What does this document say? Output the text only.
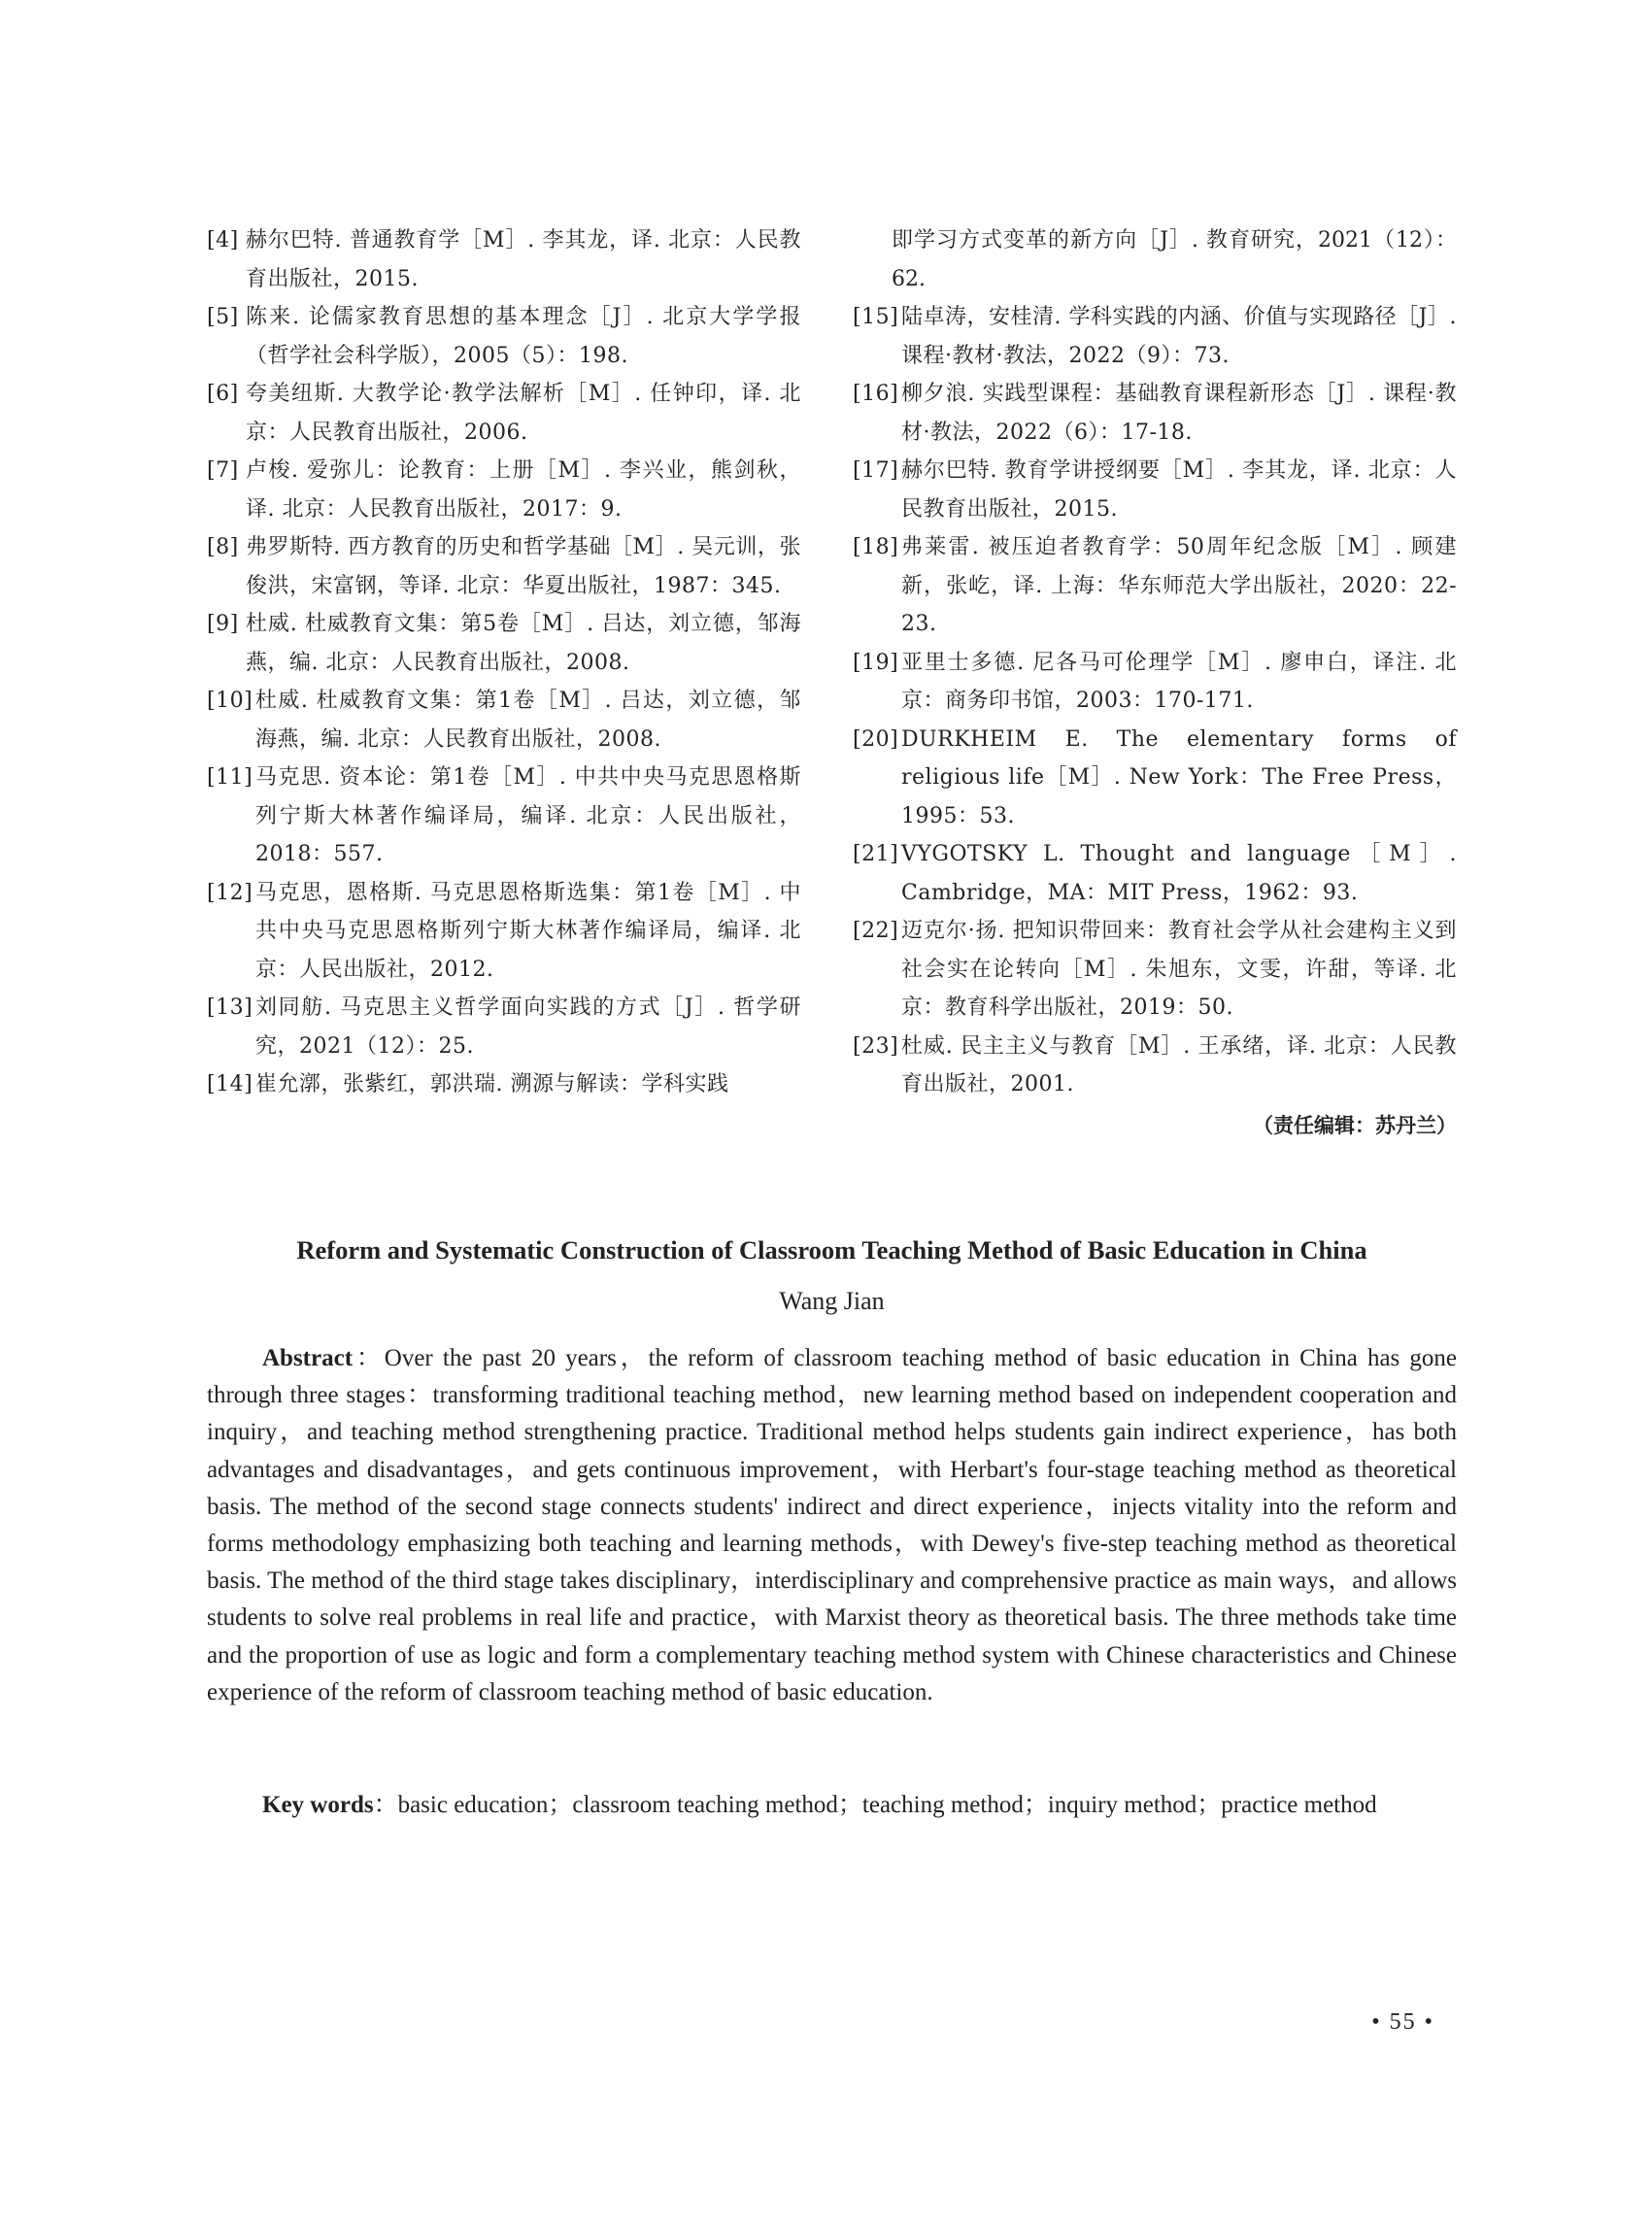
[4] 赫尔巴特. 普通教育学［M］. 李其龙，译. 北京：人民教育出版社，2015.
[5] 陈来. 论儒家教育思想的基本理念［J］. 北京大学学报（哲学社会科学版），2005（5）：198.
[6] 夸美纽斯. 大教学论·教学法解析［M］. 任钟印，译. 北京：人民教育出版社，2006.
[7] 卢梭. 爱弥儿：论教育：上册［M］. 李兴业，熊剑秋，译. 北京：人民教育出版社，2017：9.
[8] 弗罗斯特. 西方教育的历史和哲学基础［M］. 吴元训，张俊洪，宋富钢，等译. 北京：华夏出版社，1987：345.
[9] 杜威. 杜威教育文集：第5卷［M］. 吕达，刘立德，邹海燕，编. 北京：人民教育出版社，2008.
[10] 杜威. 杜威教育文集：第1卷［M］. 吕达，刘立德，邹海燕，编. 北京：人民教育出版社，2008.
[11] 马克思. 资本论：第1卷［M］. 中共中央马克思恩格斯列宁斯大林著作编译局，编译. 北京：人民出版社，2018：557.
[12] 马克思，恩格斯. 马克思恩格斯选集：第1卷［M］. 中共中央马克思恩格斯列宁斯大林著作编译局，编译. 北京：人民出版社，2012.
[13] 刘同舫. 马克思主义哲学面向实践的方式［J］. 哲学研究，2021（12）：25.
[14] 崔允漷，张紫红，郭洪瑞. 溯源与解读：学科实践
即学习方式变革的新方向［J］. 教育研究，2021（12）：62.
[15] 陆卓涛，安桂清. 学科实践的内涵、价值与实现路径［J］. 课程·教材·教法，2022（9）：73.
[16] 柳夕浪. 实践型课程：基础教育课程新形态［J］. 课程·教材·教法，2022（6）：17-18.
[17] 赫尔巴特. 教育学讲授纲要［M］. 李其龙，译. 北京：人民教育出版社，2015.
[18] 弗莱雷. 被压迫者教育学：50周年纪念版［M］. 顾建新，张屹，译. 上海：华东师范大学出版社，2020：22-23.
[19] 亚里士多德. 尼各马可伦理学［M］. 廖申白，译注. 北京：商务印书馆，2003：170-171.
[20] DURKHEIM E. The elementary forms of religious life［M］. New York：The Free Press，1995：53.
[21] VYGOTSKY L. Thought and language［M］. Cambridge，MA：MIT Press，1962：93.
[22] 迈克尔·扬. 把知识带回来：教育社会学从社会建构主义到社会实在论转向［M］. 朱旭东，文雯，许甜，等译. 北京：教育科学出版社，2019：50.
[23] 杜威. 民主主义与教育［M］. 王承绪，译. 北京：人民教育出版社，2001.
（责任编辑：苏丹兰）
Reform and Systematic Construction of Classroom Teaching Method of Basic Education in China
Wang Jian

Abstract：Over the past 20 years，the reform of classroom teaching method of basic education in China has gone through three stages：transforming traditional teaching method，new learning method based on independent cooperation and inquiry，and teaching method strengthening practice. Traditional method helps students gain indirect experience，has both advantages and disadvantages，and gets continuous improvement，with Herbart's four-stage teaching method as theoretical basis. The method of the second stage connects students' indirect and direct experience，injects vitality into the reform and forms methodology emphasizing both teaching and learning methods，with Dewey's five-step teaching method as theoretical basis. The method of the third stage takes disciplinary，interdisciplinary and comprehensive practice as main ways，and allows students to solve real problems in real life and practice，with Marxist theory as theoretical basis. The three methods take time and the proportion of use as logic and form a complementary teaching method system with Chinese characteristics and Chinese experience of the reform of classroom teaching method of basic education.

Key words：basic education；classroom teaching method；teaching method；inquiry method；practice method

• 55 •
